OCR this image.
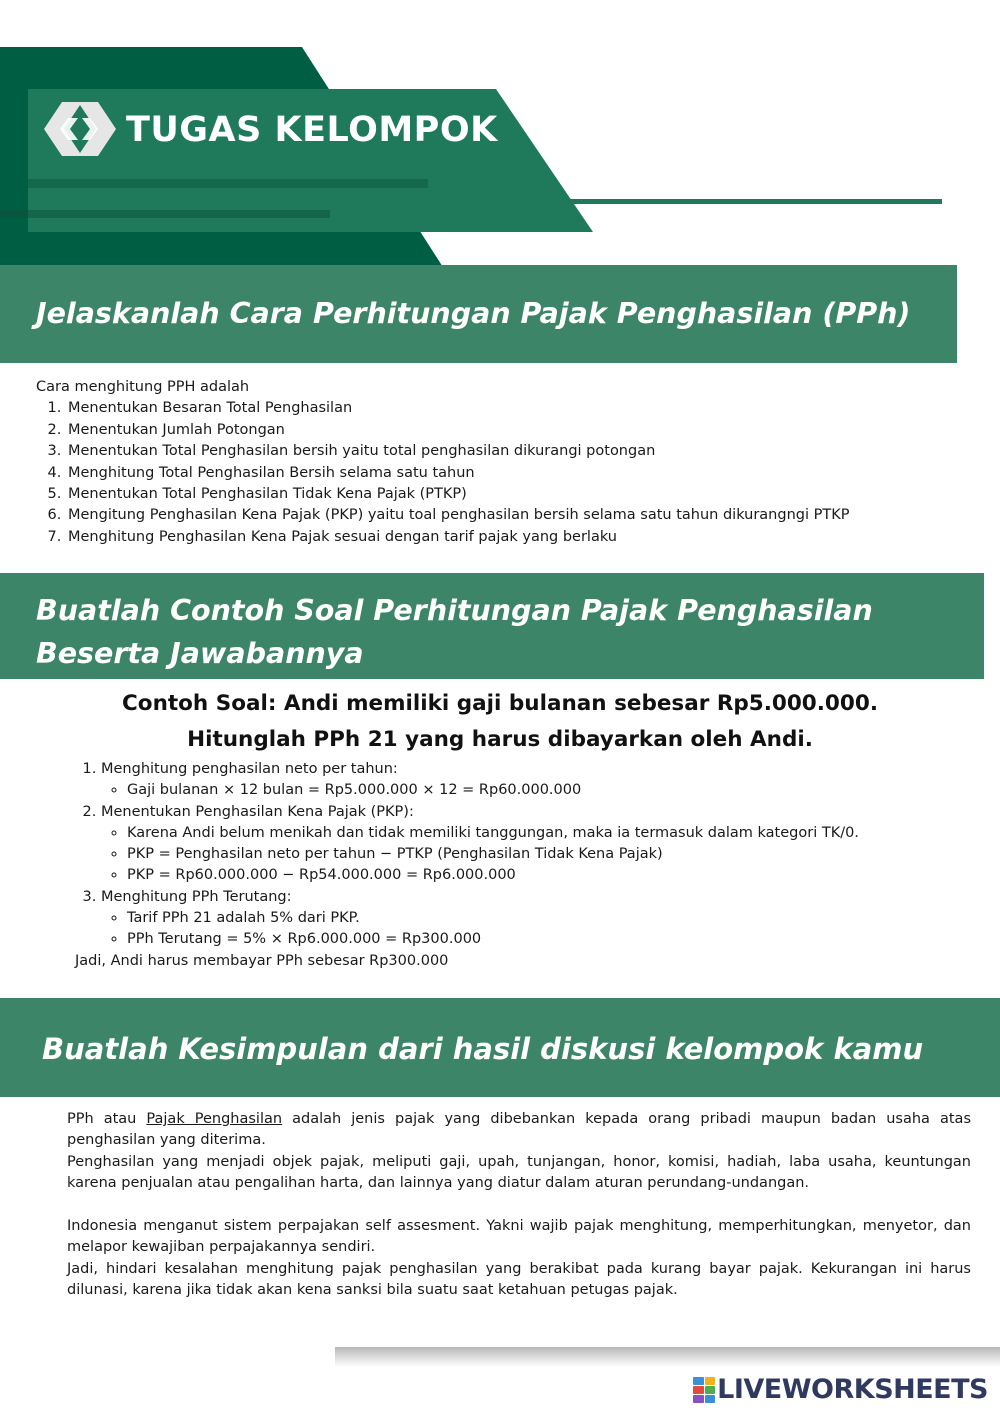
TUGAS KELOMPOK
Jelaskanlah Cara Perhitungan Pajak Penghasilan (PPh)

Cara menghitung PPH adalah

1. Menentukan Besaran Total Penghasilan
2. Menentukan Jumlah Potongan
3. Menentukan Total Penghasilan bersih yaitu total penghasilan dikurangi potongan
4. Menghitung Total Penghasilan Bersih selama satu tahun
5. Menentukan Total Penghasilan Tidak Kena Pajak (PTKP)
6. Mengitung Penghasilan Kena Pajak (PKP) yaitu toal penghasilan bersih selama satu tahun dikurangngi PTKP
7. Menghitung Penghasilan Kena Pajak sesuai dengan tarif pajak yang berlaku
Buatlah Contoh Soal Perhitungan Pajak Penghasilan Beserta Jawabannya
Contoh Soal: Andi memiliki gaji bulanan sebesar Rp5.000.000.
Hitunglah PPh 21 yang harus dibayarkan oleh Andi.
1. Menghitung penghasilan neto per tahun:
◦ Gaji bulanan × 12 bulan = Rp5.000.000 × 12 = Rp60.000.000
2. Menentukan Penghasilan Kena Pajak (PKP):
◦ Karena Andi belum menikah dan tidak memiliki tanggungan, maka ia termasuk dalam kategori TK/0.
◦ PKP = Penghasilan neto per tahun − PTKP (Penghasilan Tidak Kena Pajak)
◦ PKP = Rp60.000.000 − Rp54.000.000 = Rp6.000.000
3. Menghitung PPh Terutang:
◦ Tarif PPh 21 adalah 5% dari PKP.
◦ PPh Terutang = 5% × Rp6.000.000 = Rp300.000

Jadi, Andi harus membayar PPh sebesar Rp300.000

Buatlah Kesimpulan dari hasil diskusi kelompok kamu

PPh atau Pajak Penghasilan adalah jenis pajak yang dibebankan kepada orang pribadi maupun badan usaha atas penghasilan yang diterima.

Penghasilan yang menjadi objek pajak, meliputi gaji, upah, tunjangan, honor, komisi, hadiah, laba usaha, keuntungan karena penjualan atau pengalihan harta, dan lainnya yang diatur dalam aturan perundang-undangan.

Indonesia menganut sistem perpajakan self assesment. Yakni wajib pajak menghitung, memperhitungkan, menyetor, dan melapor kewajiban perpajakannya sendiri.

Jadi, hindari kesalahan menghitung pajak penghasilan yang berakibat pada kurang bayar pajak. Kekurangan ini harus dilunasi, karena jika tidak akan kena sanksi bila suatu saat ketahuan petugas pajak.

LIVEWORKSHEETS
